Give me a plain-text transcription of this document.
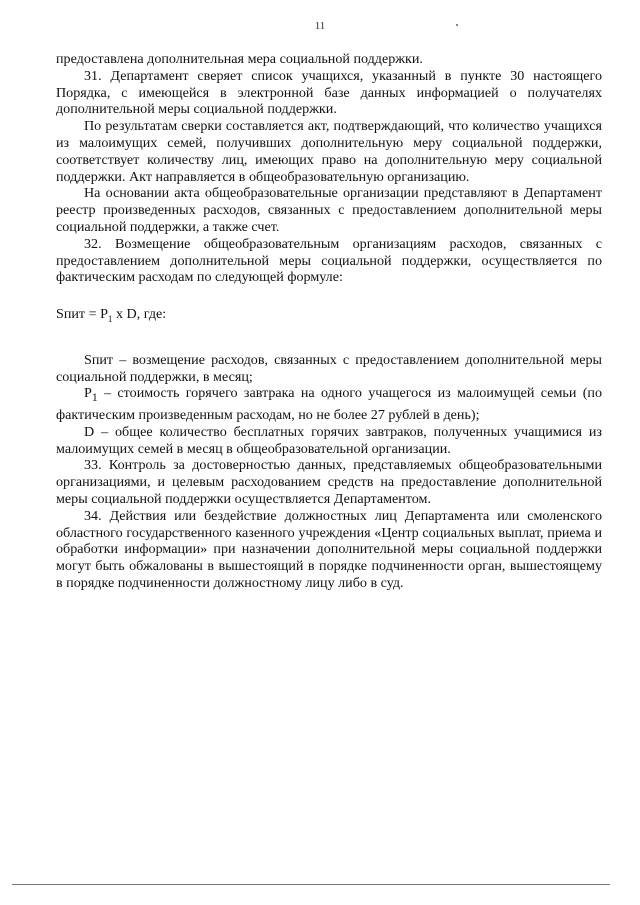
11

предоставлена дополнительная мера социальной поддержки.

31. Департамент сверяет список учащихся, указанный в пункте 30 настоящего Порядка, с имеющейся в электронной базе данных информацией о получателях дополнительной меры социальной поддержки.

По результатам сверки составляется акт, подтверждающий, что количество учащихся из малоимущих семей, получивших дополнительную меру социальной поддержки, соответствует количеству лиц, имеющих право на дополнительную меру социальной поддержки. Акт направляется в общеобразовательную организацию.

На основании акта общеобразовательные организации представляют в Департамент реестр произведенных расходов, связанных с предоставлением дополнительной меры социальной поддержки, а также счет.

32. Возмещение общеобразовательным организациям расходов, связанных с предоставлением дополнительной меры социальной поддержки, осуществляется по фактическим расходам по следующей формуле:

Sпит = $P_1$ x D, где:

Sпит – возмещение расходов, связанных с предоставлением дополнительной меры социальной поддержки, в месяц;

$P_1$ – стоимость горячего завтрака на одного учащегося из малоимущей семьи (по фактическим произведенным расходам, но не более 27 рублей в день);

D – общее количество бесплатных горячих завтраков, полученных учащимися из малоимущих семей в месяц в общеобразовательной организации.

33. Контроль за достоверностью данных, представляемых общеобразовательными организациями, и целевым расходованием средств на предоставление дополнительной меры социальной поддержки осуществляется Департаментом.

34. Действия или бездействие должностных лиц Департамента или смоленского областного государственного казенного учреждения «Центр социальных выплат, приема и обработки информации» при назначении дополнительной меры социальной поддержки могут быть обжалованы в вышестоящий в порядке подчиненности орган, вышестоящему в порядке подчиненности должностному лицу либо в суд.
